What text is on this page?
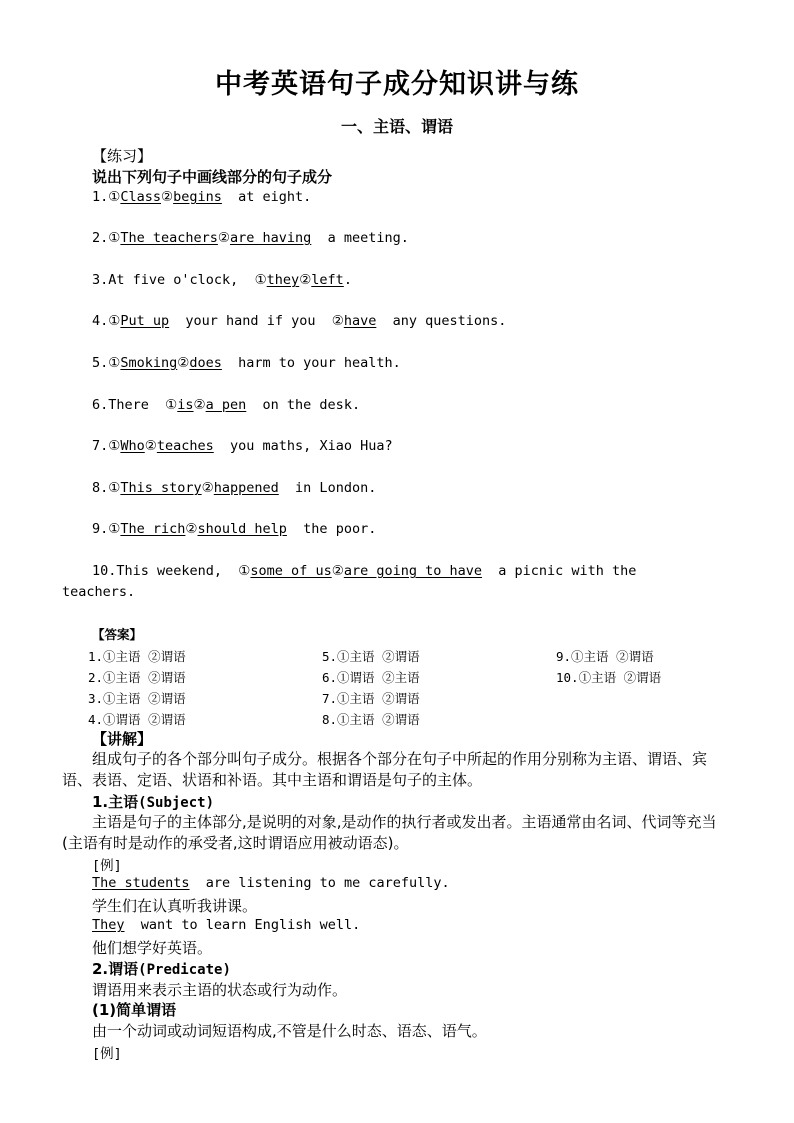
中考英语句子成分知识讲与练
一、主语、谓语
【练习】
说出下列句子中画线部分的句子成分
1.①Class②begins  at eight.
2.①The teachers②are having  a meeting.
3.At five o'clock,  ①they②left.
4.①Put up  your hand if you  ②have  any questions.
5.①Smoking②does  harm to your health.
6.There  ①is②a pen  on the desk.
7.①Who②teaches  you maths, Xiao Hua?
8.①This story②happened  in London.
9.①The rich②should help  the poor.
10.This weekend,  ①some of us②are going to have  a picnic with the
teachers.
【答案】
1.①主语 ②谓语
2.①主语 ②谓语
3.①主语 ②谓语
4.①谓语 ②谓语
5.①主语 ②谓语
6.①谓语 ②主语
7.①主语 ②谓语
8.①主语 ②谓语
9.①主语 ②谓语
10.①主语 ②谓语
【讲解】
组成句子的各个部分叫句子成分。根据各个部分在句子中所起的作用分别称为主语、谓语、宾语、表语、定语、状语和补语。其中主语和谓语是句子的主体。
1.主语(Subject)
主语是句子的主体部分,是说明的对象,是动作的执行者或发出者。主语通常由名词、代词等充当(主语有时是动作的承受者,这时谓语应用被动语态)。
[例]
The students  are listening to me carefully.
学生们在认真听我讲课。
They  want to learn English well.
他们想学好英语。
2.谓语(Predicate)
谓语用来表示主语的状态或行为动作。
(1)简单谓语
由一个动词或动词短语构成,不管是什么时态、语态、语气。
[例]
